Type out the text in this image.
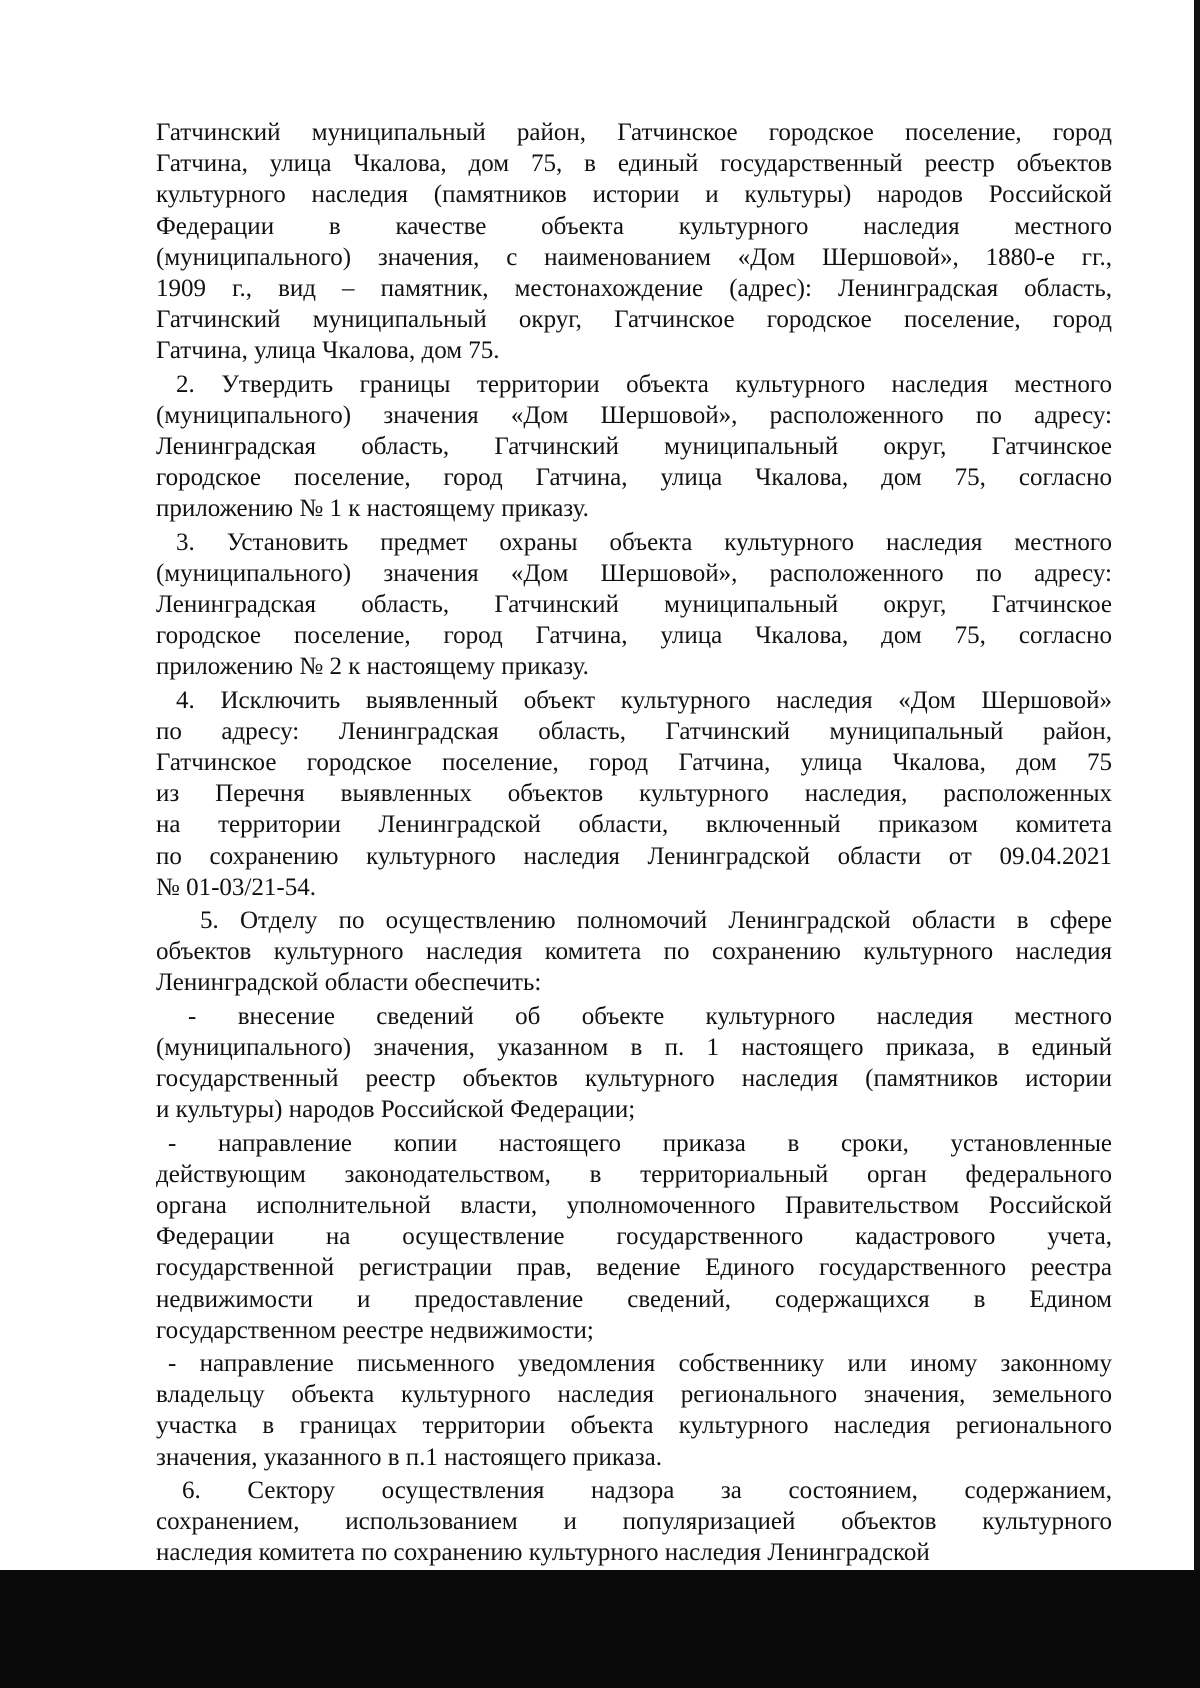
Гатчинский муниципальный район, Гатчинское городское поселение, город
Гатчина, улица Чкалова, дом 75, в единый государственный реестр объектов
культурного наследия (памятников истории и культуры) народов Российской
Федерации в качестве объекта культурного наследия местного
(муниципального) значения, с наименованием «Дом Шершовой», 1880-е гг.,
1909 г., вид – памятник, местонахождение (адрес): Ленинградская область,
Гатчинский муниципальный округ, Гатчинское городское поселение, город
Гатчина, улица Чкалова, дом 75.

2. Утвердить границы территории объекта культурного наследия местного
(муниципального) значения «Дом Шершовой», расположенного по адресу:
Ленинградская область, Гатчинский муниципальный округ, Гатчинское
городское поселение, город Гатчина, улица Чкалова, дом 75, согласно
приложению № 1 к настоящему приказу.

3. Установить предмет охраны объекта культурного наследия местного
(муниципального) значения «Дом Шершовой», расположенного по адресу:
Ленинградская область, Гатчинский муниципальный округ, Гатчинское
городское поселение, город Гатчина, улица Чкалова, дом 75, согласно
приложению № 2 к настоящему приказу.

4. Исключить выявленный объект культурного наследия «Дом Шершовой»
по адресу: Ленинградская область, Гатчинский муниципальный район,
Гатчинское городское поселение, город Гатчина, улица Чкалова, дом 75
из Перечня выявленных объектов культурного наследия, расположенных
на территории Ленинградской области, включенный приказом комитета
по сохранению культурного наследия Ленинградской области от 09.04.2021
№ 01-03/21-54.

5. Отделу по осуществлению полномочий Ленинградской области в сфере
объектов культурного наследия комитета по сохранению культурного наследия
Ленинградской области обеспечить:

- внесение сведений об объекте культурного наследия местного
(муниципального) значения, указанном в п. 1 настоящего приказа, в единый
государственный реестр объектов культурного наследия (памятников истории
и культуры) народов Российской Федерации;

- направление копии настоящего приказа в сроки, установленные
действующим законодательством, в территориальный орган федерального
органа исполнительной власти, уполномоченного Правительством Российской
Федерации на осуществление государственного кадастрового учета,
государственной регистрации прав, ведение Единого государственного реестра
недвижимости и предоставление сведений, содержащихся в Едином
государственном реестре недвижимости;

- направление письменного уведомления собственнику или иному законному
владельцу объекта культурного наследия регионального значения, земельного
участка в границах территории объекта культурного наследия регионального
значения, указанного в п.1 настоящего приказа.

6. Сектору осуществления надзора за состоянием, содержанием,
сохранением, использованием и популяризацией объектов культурного
наследия комитета по сохранению культурного наследия Ленинградской
